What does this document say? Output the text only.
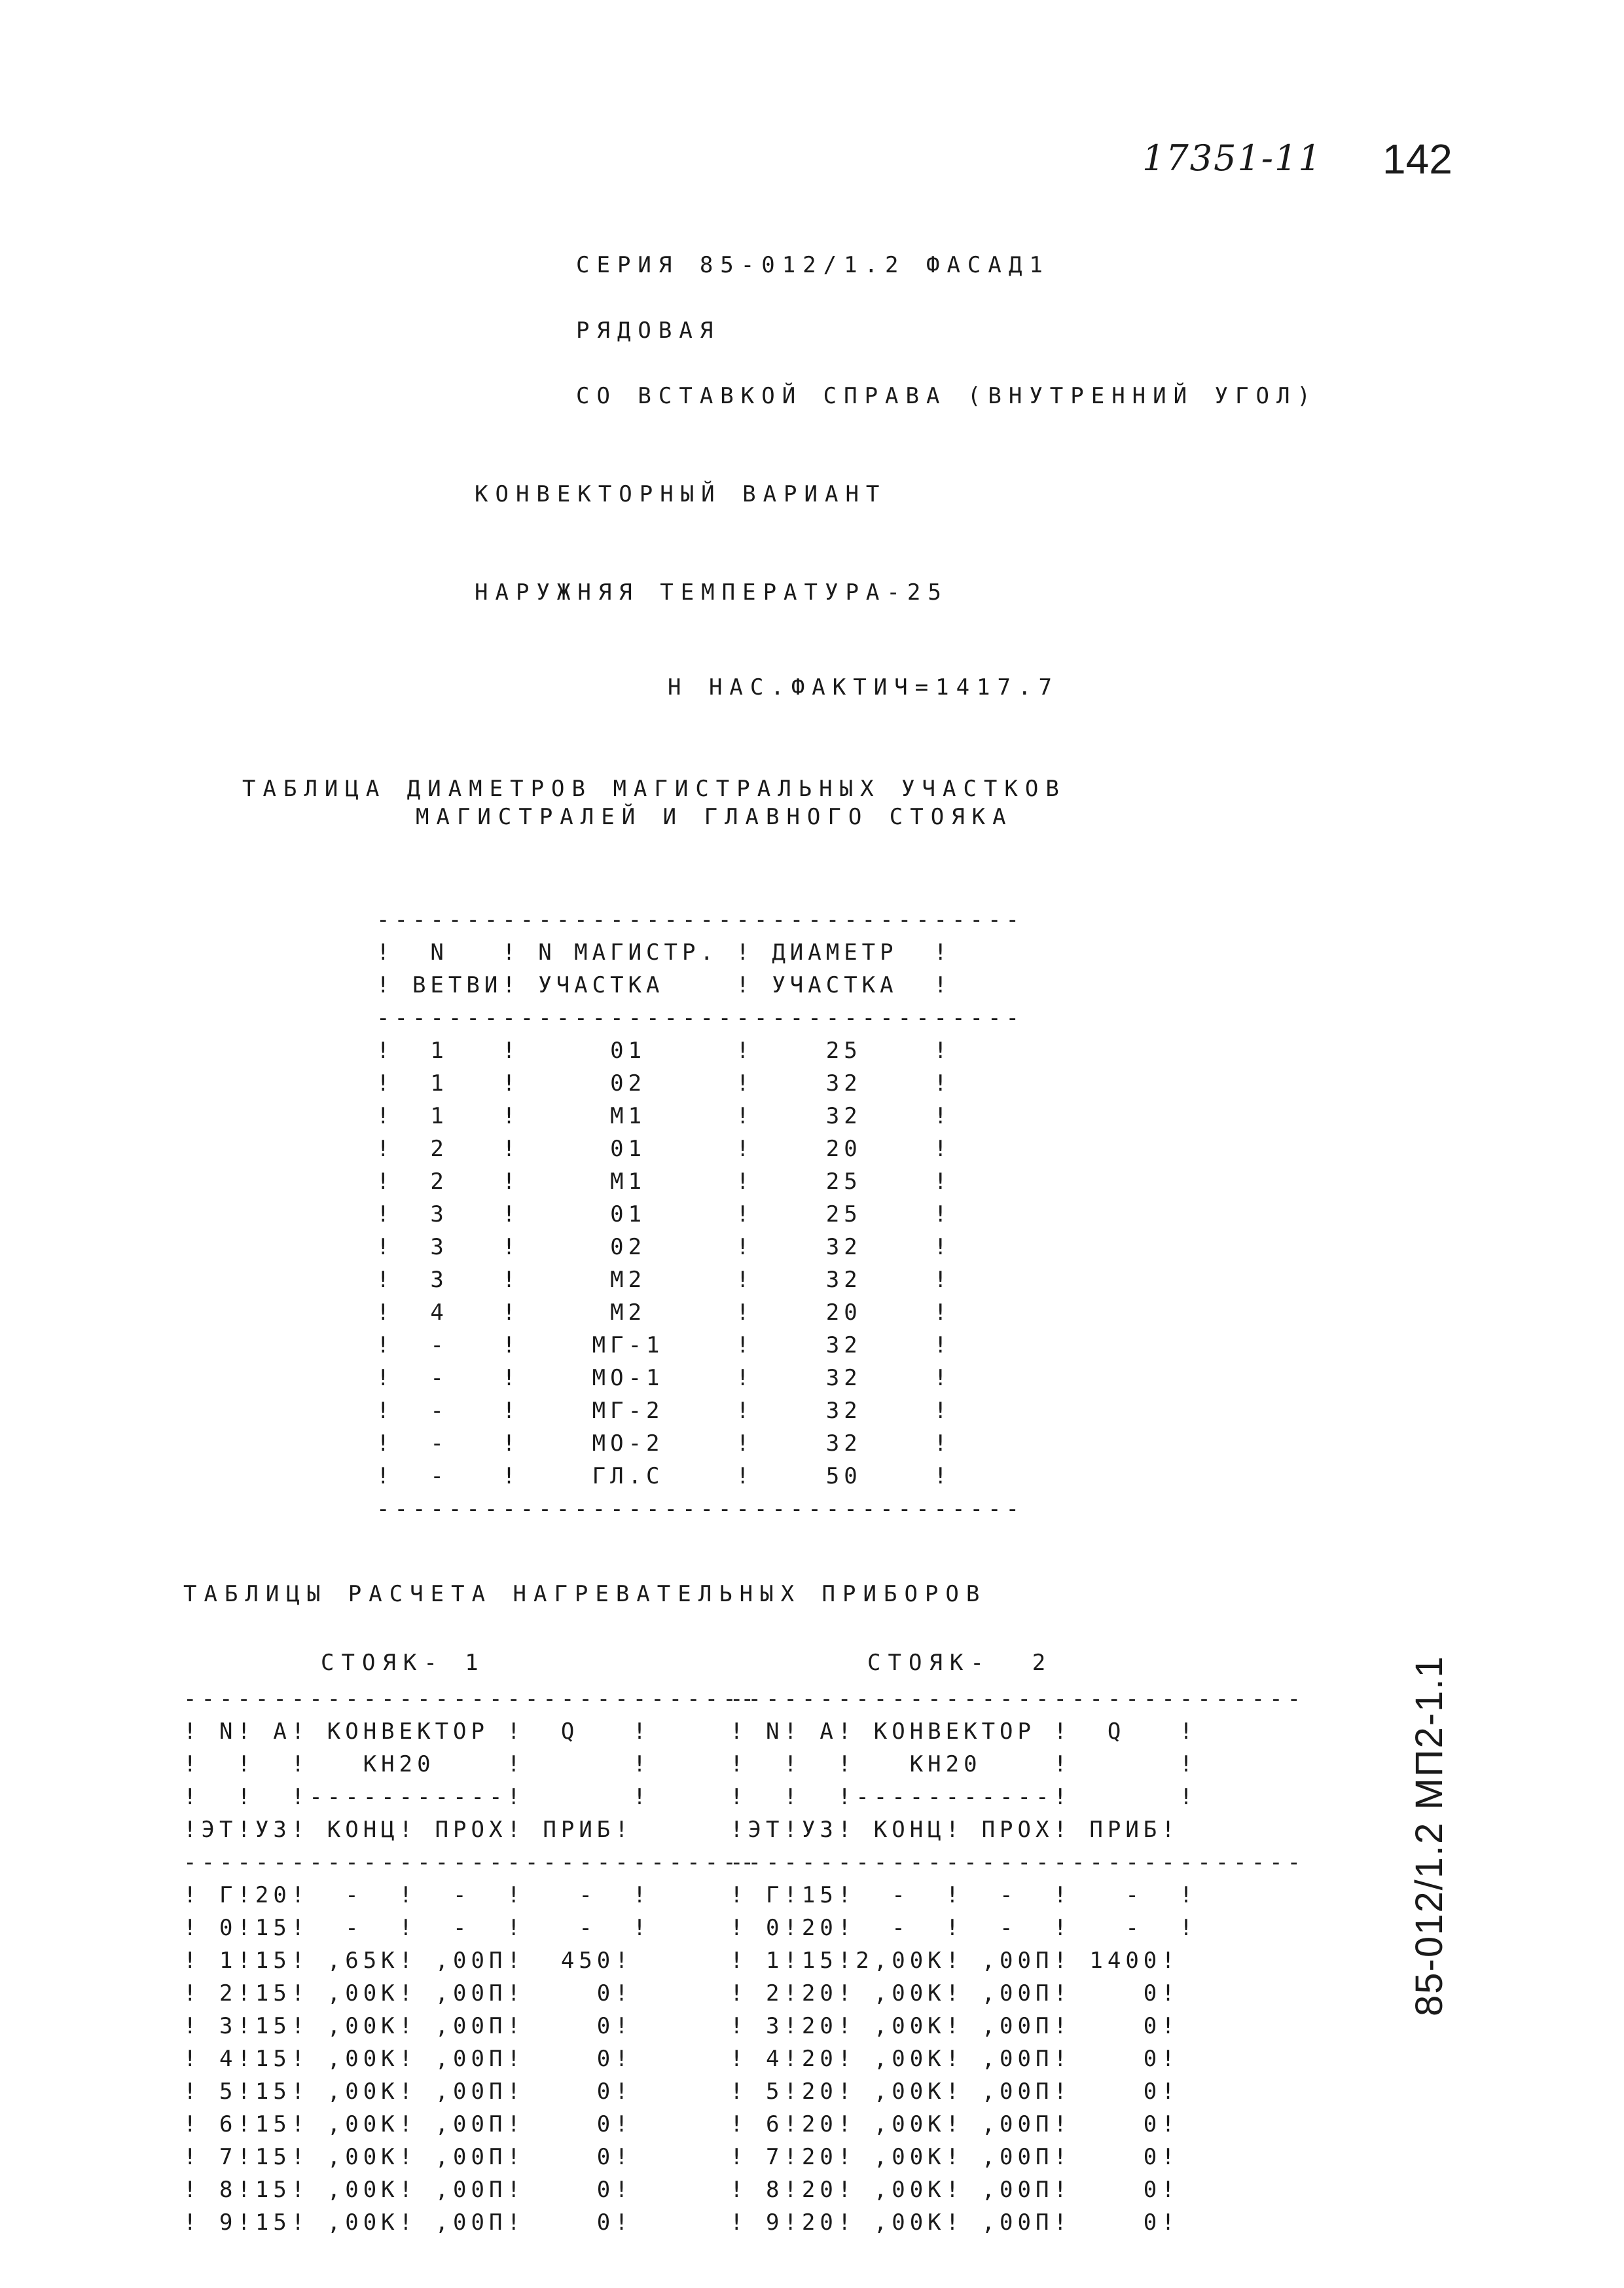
17351-11 142
СЕРИЯ 85-012/1.2 ФАСАД1
РЯДОВАЯ
СО ВСТАВКОЙ СПРАВА (ВНУТРЕННИЙ УГОЛ)
КОНВЕКТОРНЫЙ ВАРИАНТ
НАРУЖНЯЯ ТЕМПЕРАТУРА-25
Н НАС.ФАКТИЧ=1417.7
ТАБЛИЦА ДИАМЕТРОВ МАГИСТРАЛЬНЫХ УЧАСТКОВ
МАГИСТРАЛЕЙ И ГЛАВНОГО СТОЯКА
------------------------------------
!  N   ! N МАГИСТР. ! ДИАМЕТР  !
! ВЕТВИ! УЧАСТКА    ! УЧАСТКА  !
------------------------------------
!  1   !     01     !    25    !
!  1   !     02     !    32    !
!  1   !     М1     !    32    !
!  2   !     01     !    20    !
!  2   !     М1     !    25    !
!  3   !     01     !    25    !
!  3   !     02     !    32    !
!  3   !     М2     !    32    !
!  4   !     М2     !    20    !
!  -   !    МГ-1    !    32    !
!  -   !    МО-1    !    32    !
!  -   !    МГ-2    !    32    !
!  -   !    МО-2    !    32    !
!  -   !    ГЛ.С    !    50    !
------------------------------------
ТАБЛИЦЫ РАСЧЕТА НАГРЕВАТЕЛЬНЫХ ПРИБОРОВ
СТОЯК- 1	СТОЯК-  2
--------------------------------
! N! А! КОНВЕКТОР !  Q   !
!  !  !   КН20    !      !
!  !  !-----------!      !
!ЭТ!УЗ! КОНЦ! ПРОХ! ПРИБ!
--------------------------------
! Г!20!  -  !  -  !   -  !
! 0!15!  -  !  -  !   -  !
! 1!15! ,65К! ,00П!  450!
! 2!15! ,00К! ,00П!    0!
! 3!15! ,00К! ,00П!    0!
! 4!15! ,00К! ,00П!    0!
! 5!15! ,00К! ,00П!    0!
! 6!15! ,00К! ,00П!    0!
! 7!15! ,00К! ,00П!    0!
! 8!15! ,00К! ,00П!    0!
! 9!15! ,00К! ,00П!    0!
--------------------------------
! N! А! КОНВЕКТОР !  Q   !
!  !  !   КН20    !      !
!  !  !-----------!      !
!ЭТ!УЗ! КОНЦ! ПРОХ! ПРИБ!
--------------------------------
! Г!15!  -  !  -  !   -  !
! 0!20!  -  !  -  !   -  !
! 1!15!2,00К! ,00П! 1400!
! 2!20! ,00К! ,00П!    0!
! 3!20! ,00К! ,00П!    0!
! 4!20! ,00К! ,00П!    0!
! 5!20! ,00К! ,00П!    0!
! 6!20! ,00К! ,00П!    0!
! 7!20! ,00К! ,00П!    0!
! 8!20! ,00К! ,00П!    0!
! 9!20! ,00К! ,00П!    0!
85-012/1.2 МП2-1.1
